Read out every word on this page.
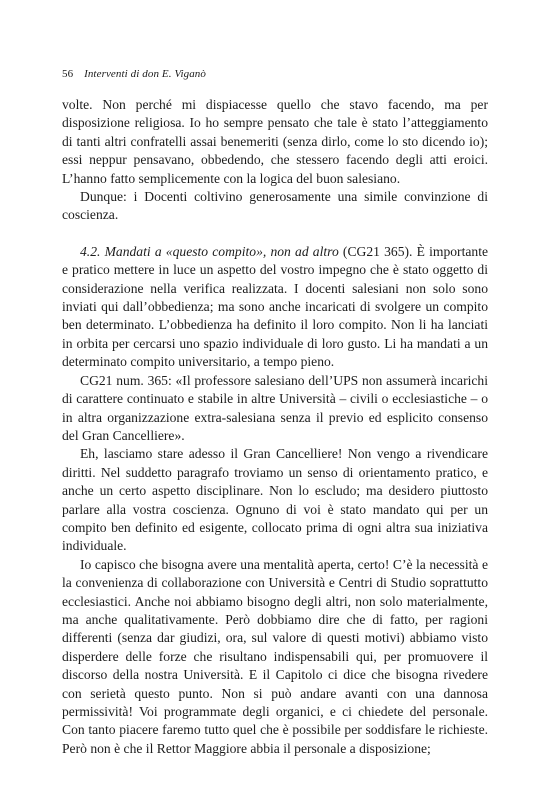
56 Interventi di don E. Viganò

volte. Non perché mi dispiacesse quello che stavo facendo, ma per disposizione religiosa. Io ho sempre pensato che tale è stato l’atteggiamento di tanti altri confratelli assai benemeriti (senza dirlo, come lo sto dicendo io); essi neppur pensavano, obbedendo, che stessero facendo degli atti eroici. L’hanno fatto semplicemente con la logica del buon salesiano.

Dunque: i Docenti coltivino generosamente una simile convinzione di coscienza.

4.2. Mandati a «questo compito», non ad altro (CG21 365). È importante e pratico mettere in luce un aspetto del vostro impegno che è stato oggetto di considerazione nella verifica realizzata. I docenti salesiani non solo sono inviati qui dall’obbedienza; ma sono anche incaricati di svolgere un compito ben determinato. L’obbedienza ha definito il loro compito. Non li ha lanciati in orbita per cercarsi uno spazio individuale di loro gusto. Li ha mandati a un determinato compito universitario, a tempo pieno.

CG21 num. 365: «Il professore salesiano dell’UPS non assumerà incarichi di carattere continuato e stabile in altre Università – civili o ecclesiastiche – o in altra organizzazione extra-salesiana senza il previo ed esplicito consenso del Gran Cancelliere».

Eh, lasciamo stare adesso il Gran Cancelliere! Non vengo a rivendicare diritti. Nel suddetto paragrafo troviamo un senso di orientamento pratico, e anche un certo aspetto disciplinare. Non lo escludo; ma desidero piuttosto parlare alla vostra coscienza. Ognuno di voi è stato mandato qui per un compito ben definito ed esigente, collocato prima di ogni altra sua iniziativa individuale.

Io capisco che bisogna avere una mentalità aperta, certo! C’è la necessità e la convenienza di collaborazione con Università e Centri di Studio soprattutto ecclesiastici. Anche noi abbiamo bisogno degli altri, non solo materialmente, ma anche qualitativamente. Però dobbiamo dire che di fatto, per ragioni differenti (senza dar giudizi, ora, sul valore di questi motivi) abbiamo visto disperdere delle forze che risultano indispensabili qui, per promuovere il discorso della nostra Università. E il Capitolo ci dice che bisogna rivedere con serietà questo punto. Non si può andare avanti con una dannosa permissività! Voi programmate degli organici, e ci chiedete del personale. Con tanto piacere faremo tutto quel che è possibile per soddisfare le richieste. Però non è che il Rettor Maggiore abbia il personale a disposizione;
